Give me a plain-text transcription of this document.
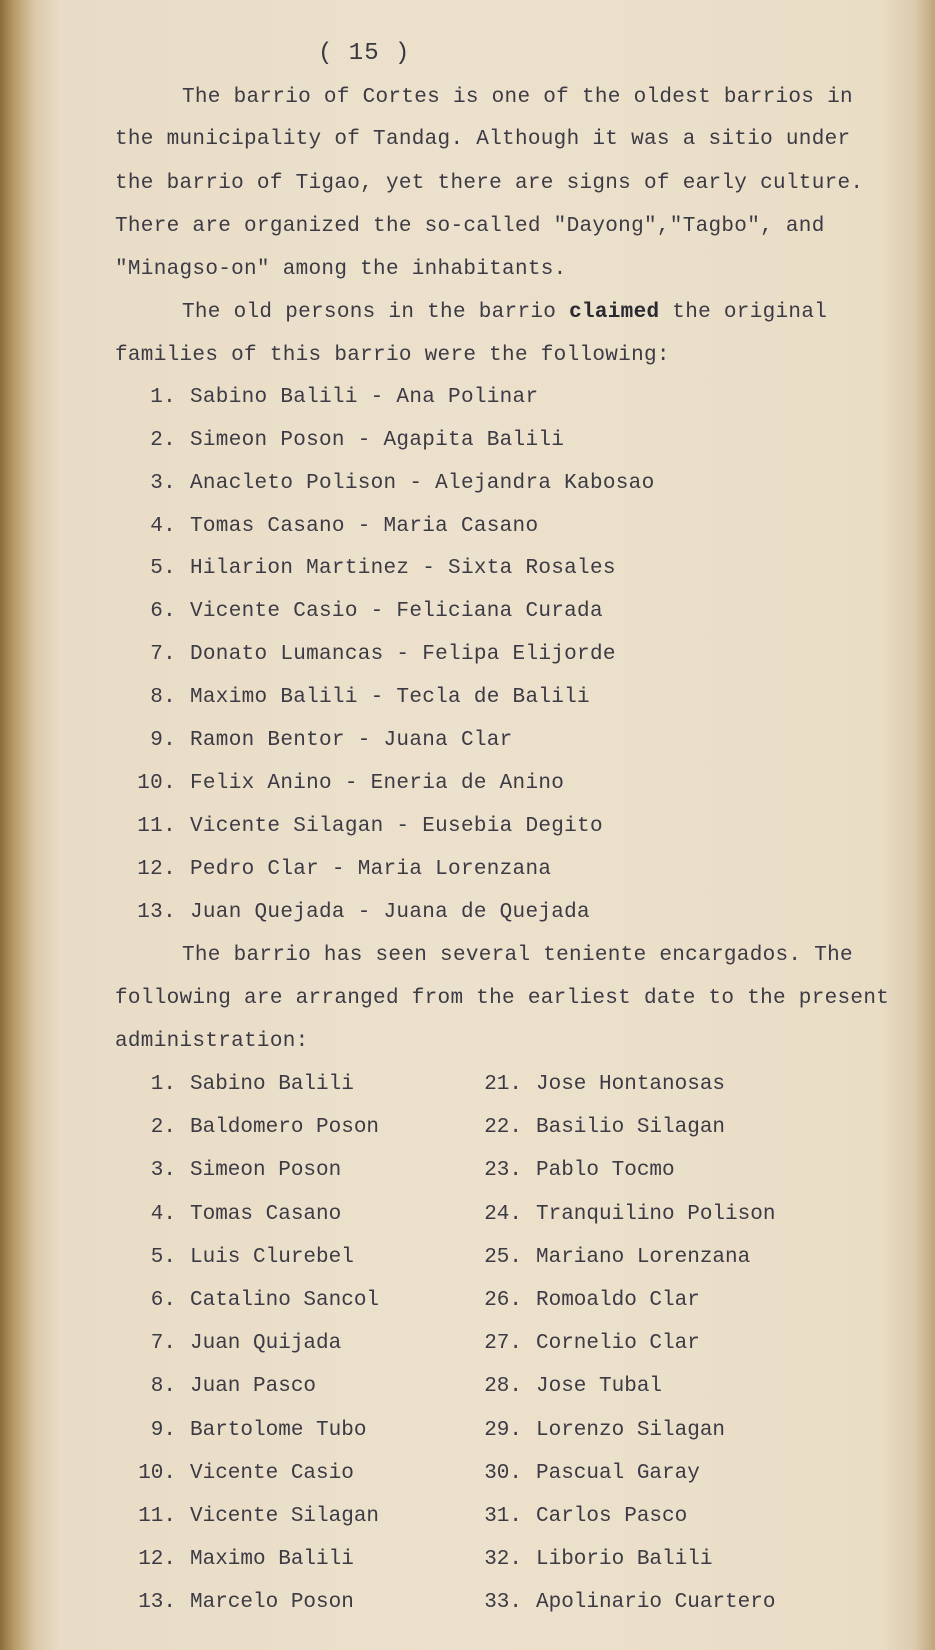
( 15 )
The barrio of Cortes is one of the oldest barrios in
the municipality of Tandag. Although it was a sitio under
the barrio of Tigao, yet there are signs of early culture.
There are organized the so-called "Dayong","Tagbo", and
"Minagso-on" among the inhabitants.
The old persons in the barrio claimed the original
families of this barrio were the following:
1. Sabino Balili - Ana Polinar
2. Simeon Poson - Agapita Balili
3. Anacleto Polison - Alejandra Kabosao
4. Tomas Casano - Maria Casano
5. Hilarion Martinez - Sixta Rosales
6. Vicente Casio - Feliciana Curada
7. Donato Lumancas - Felipa Elijorde
8. Maximo Balili - Tecla de Balili
9. Ramon Bentor - Juana Clar
10. Felix Anino - Eneria de Anino
11. Vicente Silagan - Eusebia Degito
12. Pedro Clar - Maria Lorenzana
13. Juan Quejada - Juana de Quejada
The barrio has seen several teniente encargados. The
following are arranged from the earliest date to the present
administration:
1. Sabino Balili
2. Baldomero Poson
3. Simeon Poson
4. Tomas Casano
5. Luis Clurebel
6. Catalino Sancol
7. Juan Quijada
8. Juan Pasco
9. Bartolome Tubo
10. Vicente Casio
11. Vicente Silagan
12. Maximo Balili
13. Marcelo Poson
21. Jose Hontanosas
22. Basilio Silagan
23. Pablo Tocmo
24. Tranquilino Polison
25. Mariano Lorenzana
26. Romoaldo Clar
27. Cornelio Clar
28. Jose Tubal
29. Lorenzo Silagan
30. Pascual Garay
31. Carlos Pasco
32. Liborio Balili
33. Apolinario Cuartero
